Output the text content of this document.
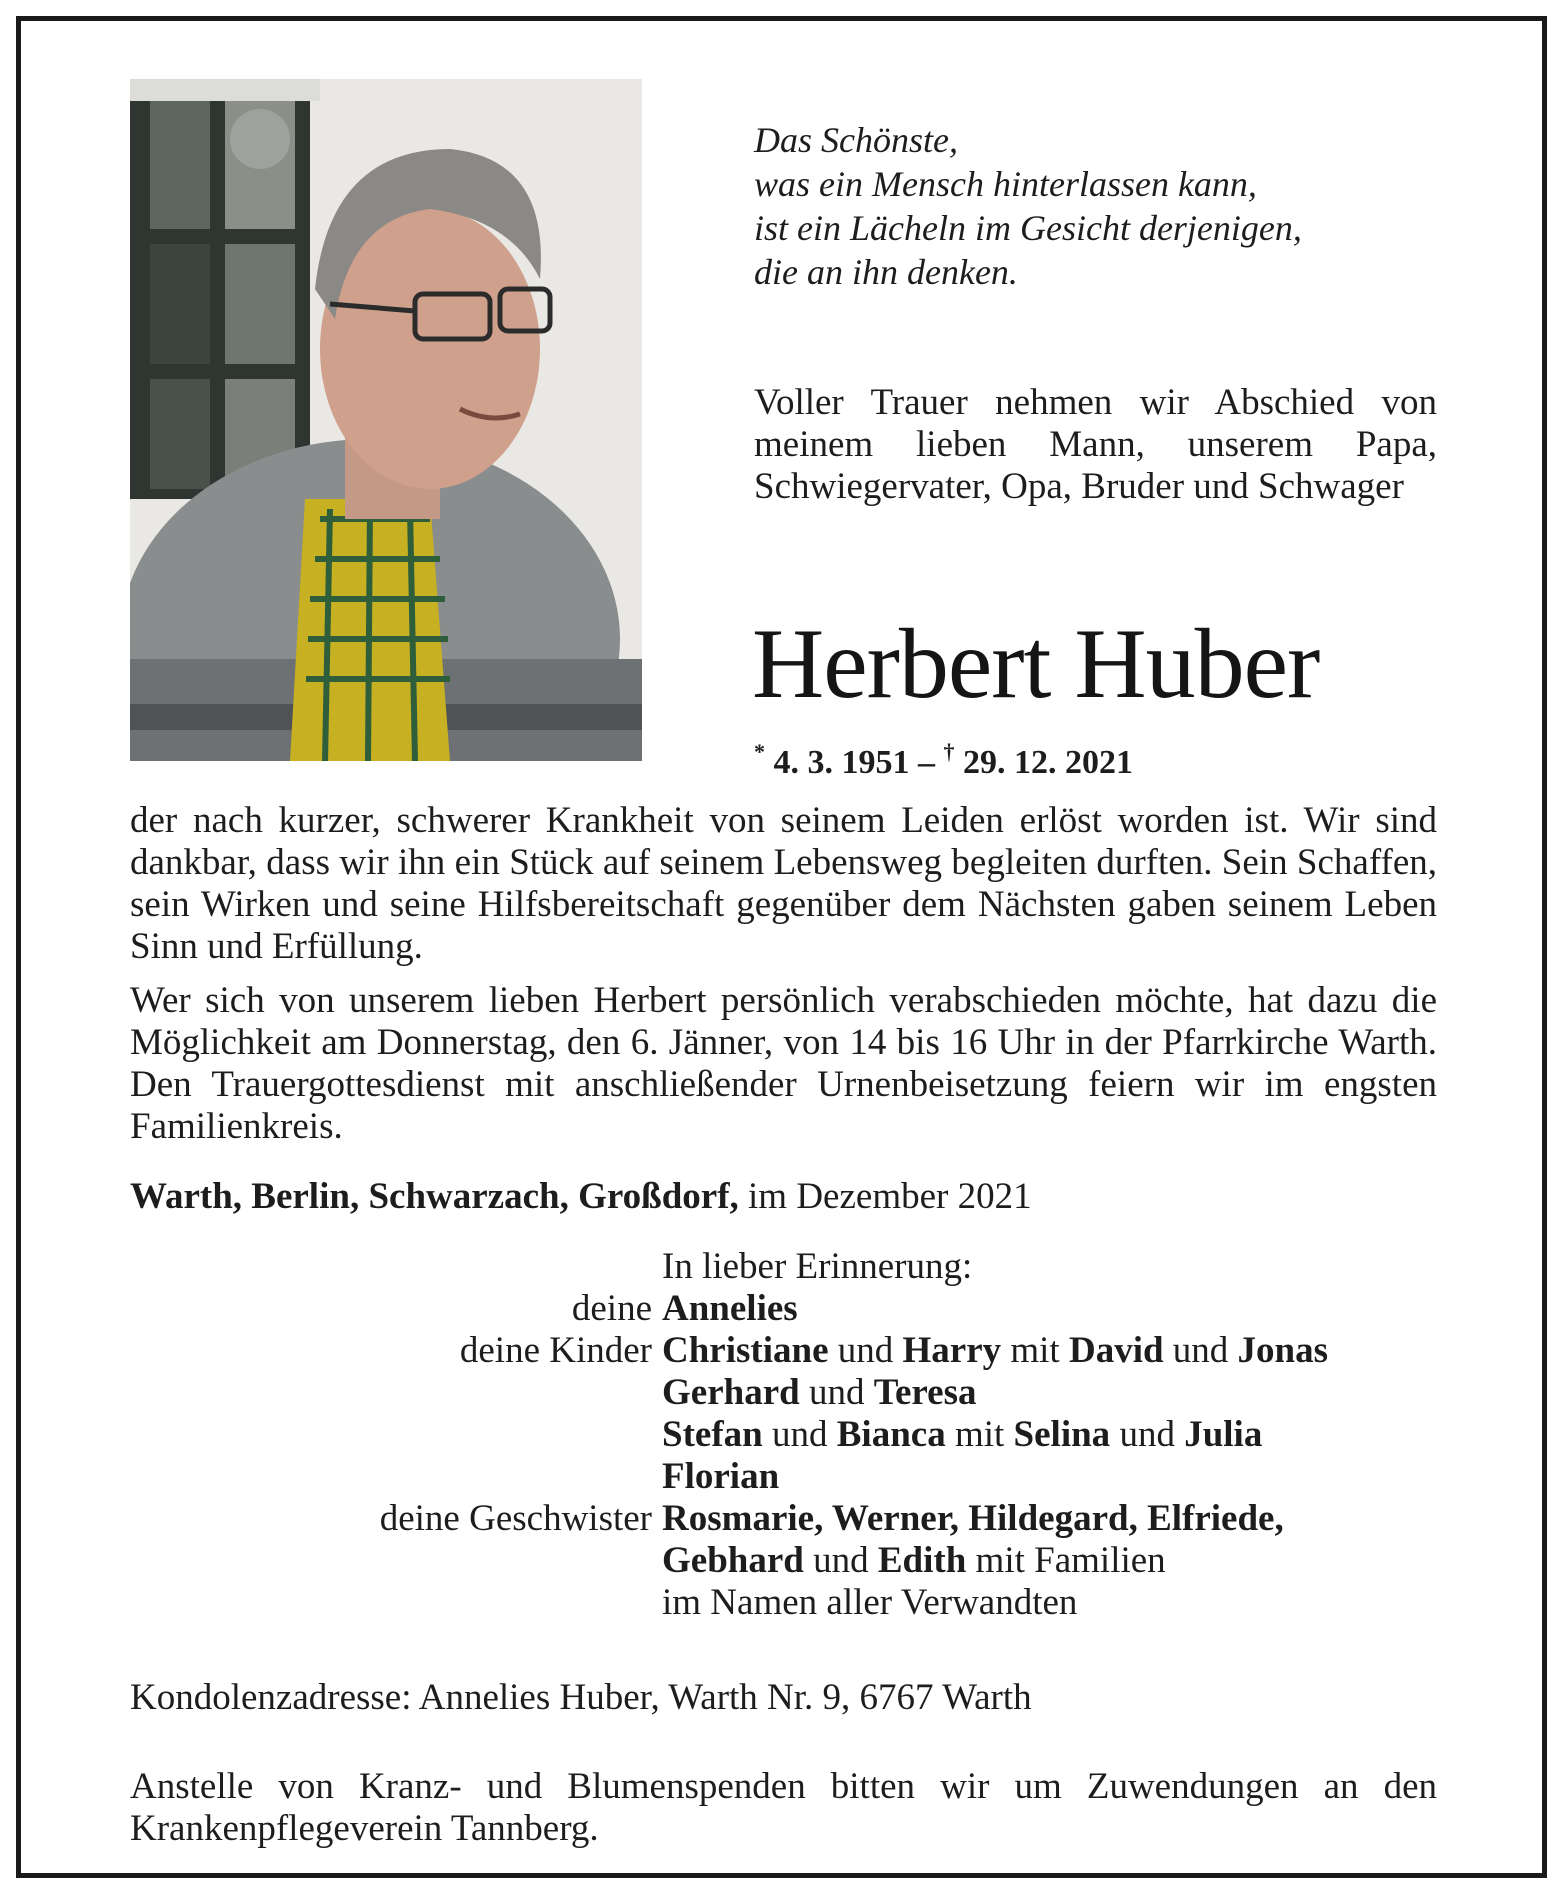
Das Schönste,
was ein Mensch hinterlassen kann,
ist ein Lächeln im Gesicht derjenigen,
die an ihn denken.
Voller Trauer nehmen wir Abschied von meinem lieben Mann, unserem Papa, Schwiegervater, Opa, Bruder und Schwager
Herbert Huber
* 4. 3. 1951 – † 29. 12. 2021
der nach kurzer, schwerer Krankheit von seinem Leiden erlöst worden ist. Wir sind dankbar, dass wir ihn ein Stück auf seinem Lebensweg begleiten durften. Sein Schaffen, sein Wirken und seine Hilfsbereitschaft gegenüber dem Nächsten gaben seinem Leben Sinn und Erfüllung.
Wer sich von unserem lieben Herbert persönlich verabschieden möchte, hat dazu die Möglichkeit am Donnerstag, den 6. Jänner, von 14 bis 16 Uhr in der Pfarrkirche Warth. Den Trauergottesdienst mit anschließender Urnenbeisetzung feiern wir im engsten Familienkreis.
Warth, Berlin, Schwarzach, Großdorf, im Dezember 2021
In lieber Erinnerung:
deine Annelies
deine Kinder Christiane und Harry mit David und Jonas
Gerhard und Teresa
Stefan und Bianca mit Selina und Julia
Florian
deine Geschwister Rosmarie, Werner, Hildegard, Elfriede,
Gebhard und Edith mit Familien
im Namen aller Verwandten
Kondolenzadresse: Annelies Huber, Warth Nr. 9, 6767 Warth
Anstelle von Kranz- und Blumenspenden bitten wir um Zuwendungen an den Krankenpflegeverein Tannberg.
